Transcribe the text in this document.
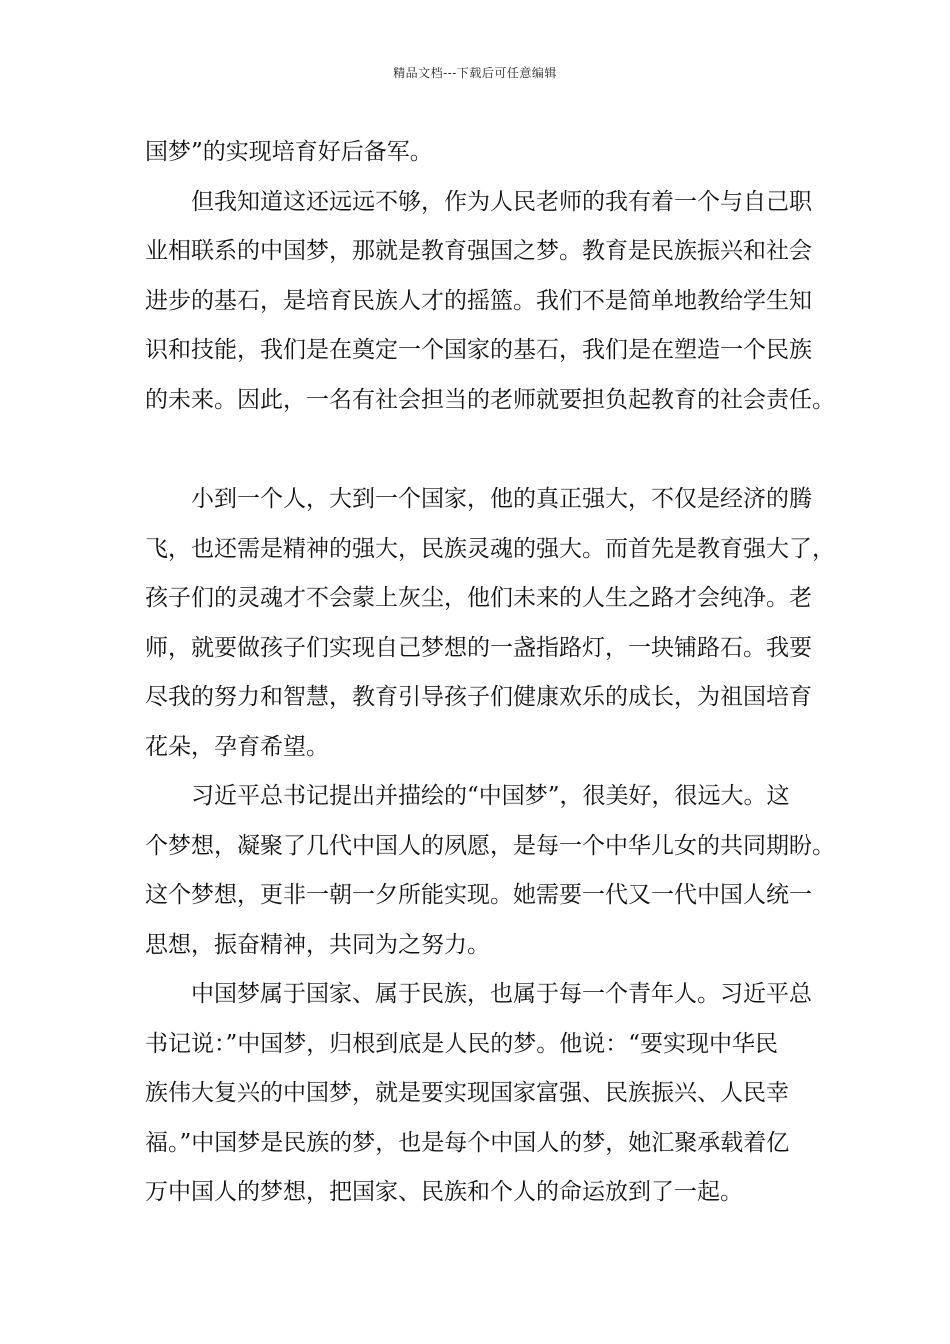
精品文档---下载后可任意编辑
国梦”的实现培育好后备军。
　　但我知道这还远远不够，作为人民老师的我有着一个与自己职
业相联系的中国梦，那就是教育强国之梦。教育是民族振兴和社会
进步的基石，是培育民族人才的摇篮。我们不是简单地教给学生知
识和技能，我们是在奠定一个国家的基石，我们是在塑造一个民族
的未来。因此，一名有社会担当的老师就要担负起教育的社会责任。
　　小到一个人，大到一个国家，他的真正强大，不仅是经济的腾
飞，也还需是精神的强大，民族灵魂的强大。而首先是教育强大了，
孩子们的灵魂才不会蒙上灰尘，他们未来的人生之路才会纯净。老
师，就要做孩子们实现自己梦想的一盏指路灯，一块铺路石。我要
尽我的努力和智慧，教育引导孩子们健康欢乐的成长，为祖国培育
花朵，孕育希望。
　　习近平总书记提出并描绘的“中国梦”，很美好，很远大。这
个梦想，凝聚了几代中国人的夙愿，是每一个中华儿女的共同期盼。
这个梦想，更非一朝一夕所能实现。她需要一代又一代中国人统一
思想，振奋精神，共同为之努力。
　　中国梦属于国家、属于民族，也属于每一个青年人。习近平总
书记说：”中国梦，归根到底是人民的梦。他说：“要实现中华民
族伟大复兴的中国梦，就是要实现国家富强、民族振兴、人民幸
福。”中国梦是民族的梦，也是每个中国人的梦，她汇聚承载着亿
万中国人的梦想，把国家、民族和个人的命运放到了一起。
